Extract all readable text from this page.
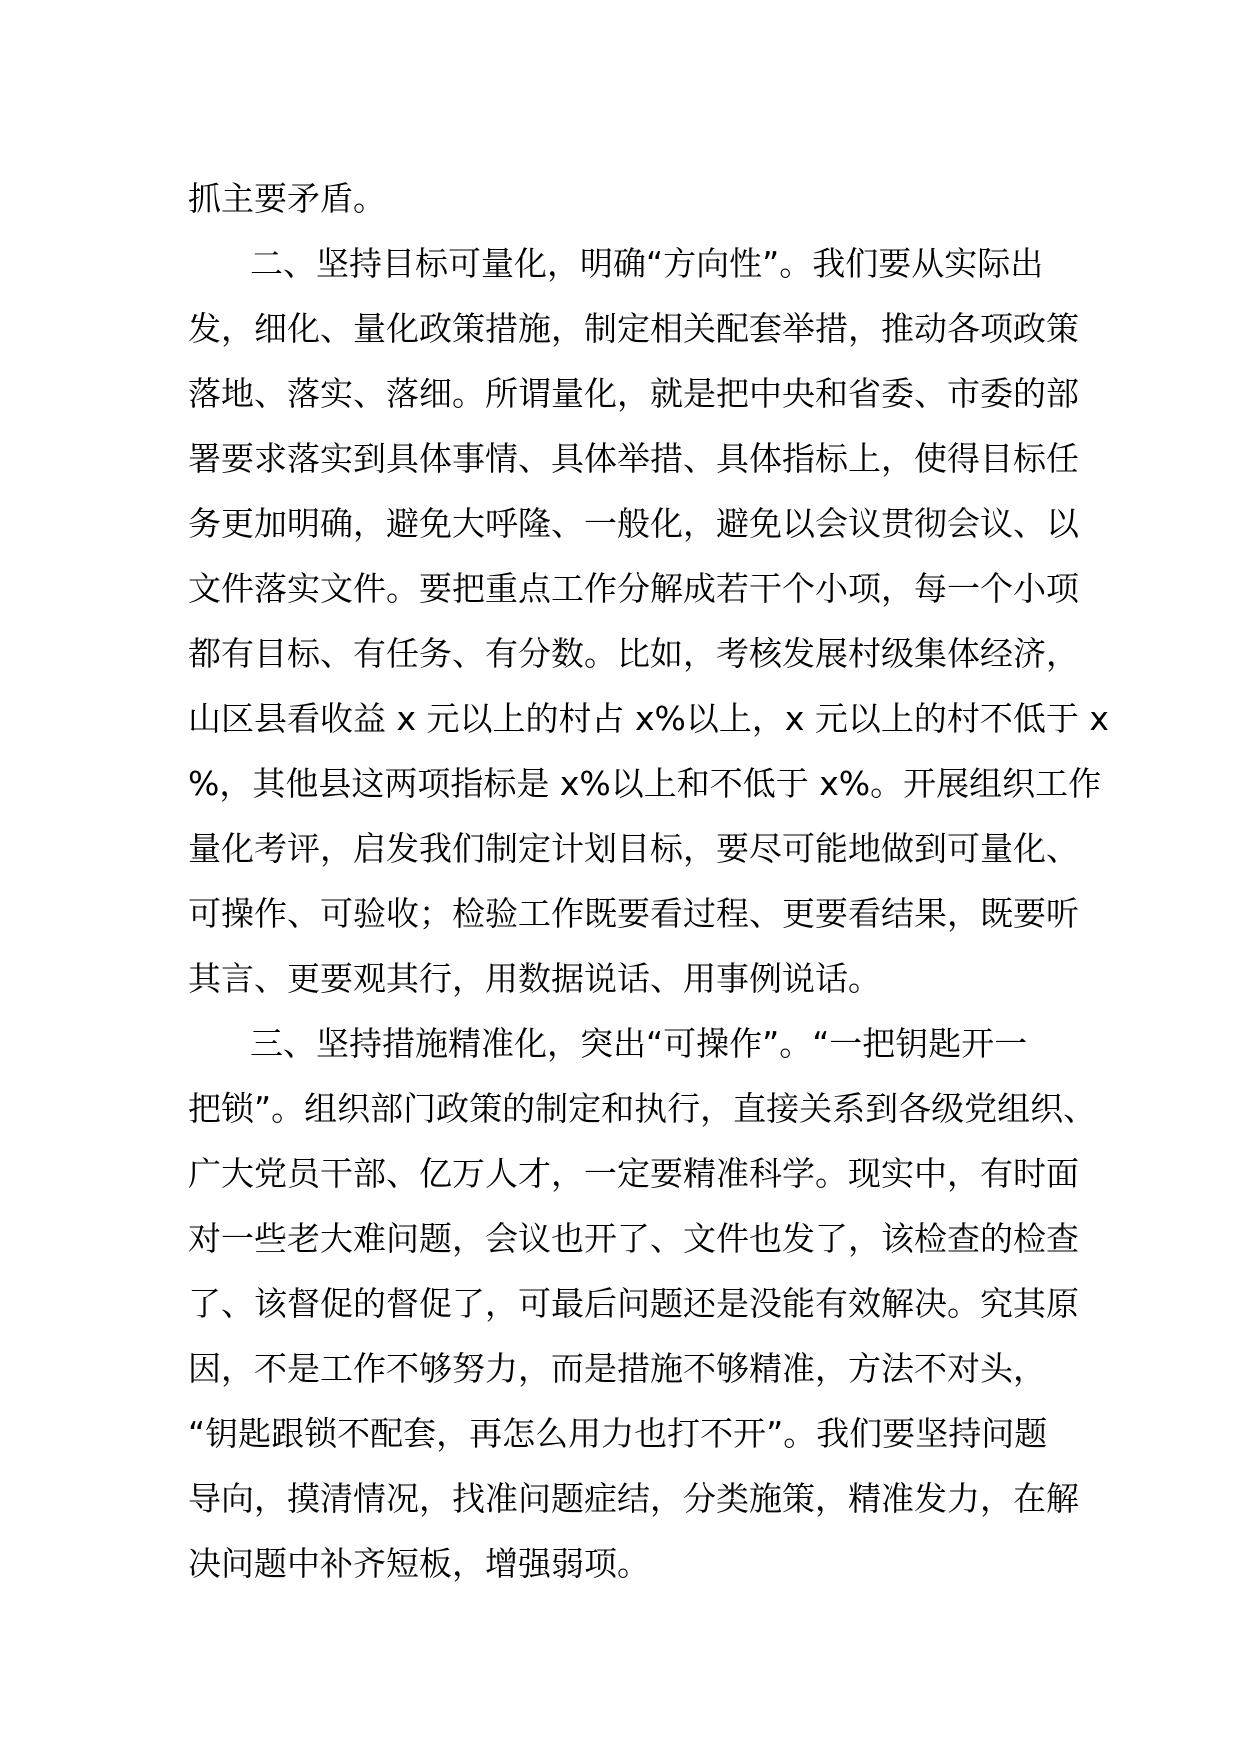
抓主要矛盾。
二、坚持目标可量化，明确“方向性”。我们要从实际出
发，细化、量化政策措施，制定相关配套举措，推动各项政策
落地、落实、落细。所谓量化，就是把中央和省委、市委的部
署要求落实到具体事情、具体举措、具体指标上，使得目标任
务更加明确，避免大呼隆、一般化，避免以会议贯彻会议、以
文件落实文件。要把重点工作分解成若干个小项，每一个小项
都有目标、有任务、有分数。比如，考核发展村级集体经济，
山区县看收益 x 元以上的村占 x%以上，x 元以上的村不低于 x
%，其他县这两项指标是 x%以上和不低于 x%。开展组织工作
量化考评，启发我们制定计划目标，要尽可能地做到可量化、
可操作、可验收；检验工作既要看过程、更要看结果，既要听
其言、更要观其行，用数据说话、用事例说话。
三、坚持措施精准化，突出“可操作”。“一把钥匙开一
把锁”。组织部门政策的制定和执行，直接关系到各级党组织、
广大党员干部、亿万人才，一定要精准科学。现实中，有时面
对一些老大难问题，会议也开了、文件也发了，该检查的检查
了、该督促的督促了，可最后问题还是没能有效解决。究其原
因，不是工作不够努力，而是措施不够精准，方法不对头，
“钥匙跟锁不配套，再怎么用力也打不开”。我们要坚持问题
导向，摸清情况，找准问题症结，分类施策，精准发力，在解
决问题中补齐短板，增强弱项。
